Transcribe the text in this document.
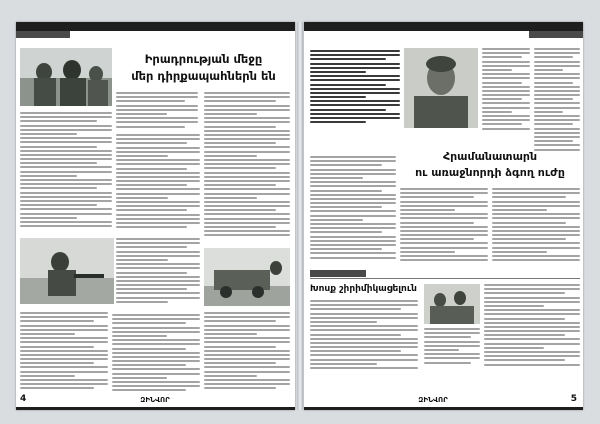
Իրադրության մեջը
մեր դիրքապահներն են
4	ԶԻՆՎՈՐ
Հրամանատարն
ու առաջնորդի ձգող ուժը
Խոսք շիրիմիկացելուն
ԶԻՆՎՈՐ	5
